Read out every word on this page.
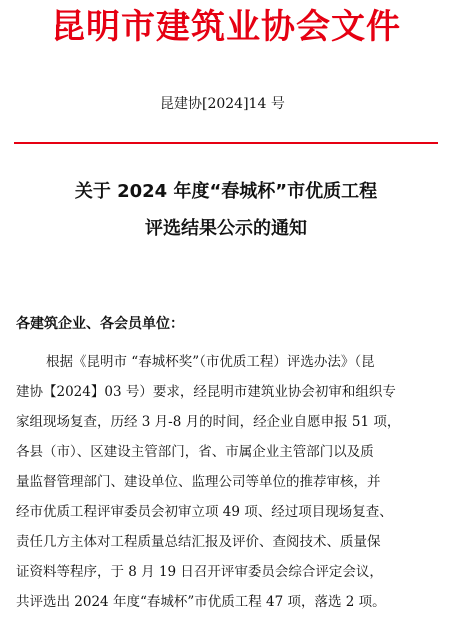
昆明市建筑业协会文件
昆建协[2024]14 号
关于 2024 年度“春城杯”市优质工程
评选结果公示的通知
各建筑企业、各会员单位：
根据《昆明市 “春城杯奖”（市优质工程）评选办法》（昆
建协【2024】03 号）要求，经昆明市建筑业协会初审和组织专
家组现场复查，历经 3 月-8 月的时间，经企业自愿申报 51 项，
各县（市）、区建设主管部门，省、市属企业主管部门以及质
量监督管理部门、建设单位、监理公司等单位的推荐审核，并
经市优质工程评审委员会初审立项 49 项、经过项目现场复查、
责任几方主体对工程质量总结汇报及评价、查阅技术、质量保
证资料等程序，于 8 月 19 日召开评审委员会综合评定会议，
共评选出 2024 年度“春城杯”市优质工程 47 项，落选 2 项。
